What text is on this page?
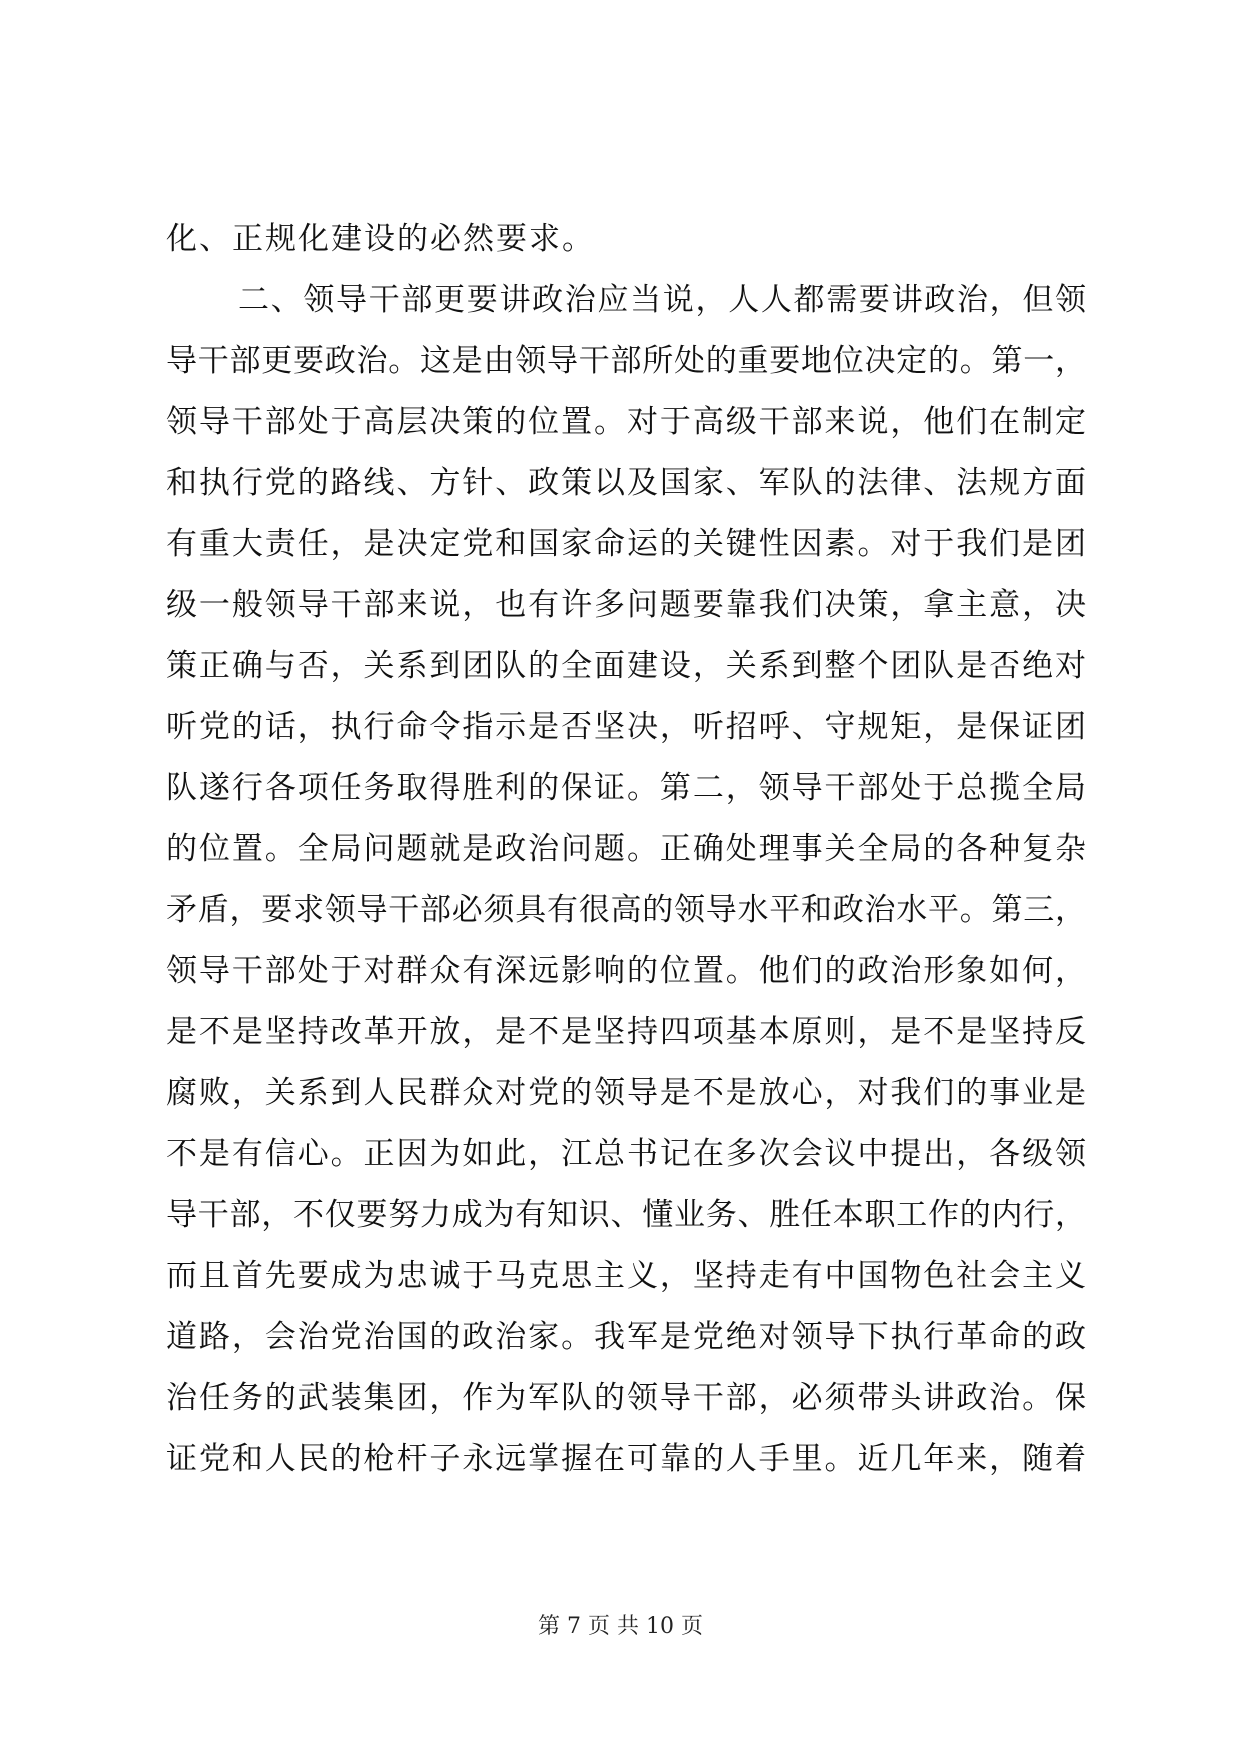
化、正规化建设的必然要求。
二、领导干部更要讲政治应当说，人人都需要讲政治，但领
导干部更要政治。这是由领导干部所处的重要地位决定的。第一，
领导干部处于高层决策的位置。对于高级干部来说，他们在制定
和执行党的路线、方针、政策以及国家、军队的法律、法规方面
有重大责任，是决定党和国家命运的关键性因素。对于我们是团
级一般领导干部来说，也有许多问题要靠我们决策，拿主意，决
策正确与否，关系到团队的全面建设，关系到整个团队是否绝对
听党的话，执行命令指示是否坚决，听招呼、守规矩，是保证团
队遂行各项任务取得胜利的保证。第二，领导干部处于总揽全局
的位置。全局问题就是政治问题。正确处理事关全局的各种复杂
矛盾，要求领导干部必须具有很高的领导水平和政治水平。第三，
领导干部处于对群众有深远影响的位置。他们的政治形象如何，
是不是坚持改革开放，是不是坚持四项基本原则，是不是坚持反
腐败，关系到人民群众对党的领导是不是放心，对我们的事业是
不是有信心。正因为如此，江总书记在多次会议中提出，各级领
导干部，不仅要努力成为有知识、懂业务、胜任本职工作的内行，
而且首先要成为忠诚于马克思主义，坚持走有中国物色社会主义
道路，会治党治国的政治家。我军是党绝对领导下执行革命的政
治任务的武装集团，作为军队的领导干部，必须带头讲政治。保
证党和人民的枪杆子永远掌握在可靠的人手里。近几年来，随着
第 7 页 共 10 页
